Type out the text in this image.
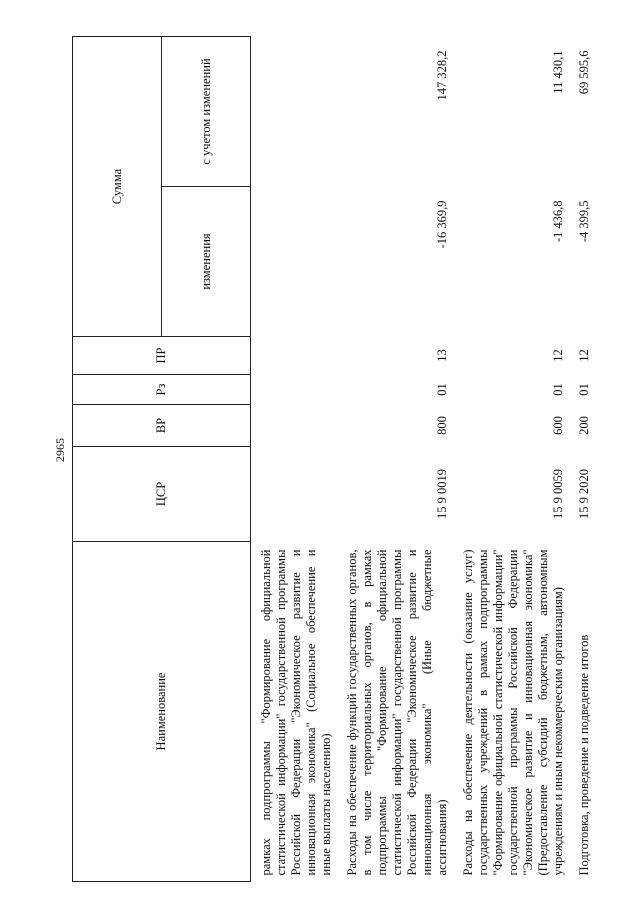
2965
Наименование	ЦСР	ВР	Рз	ПР	Сумма	
					изменения	с учетом изменений
рамках подпрограммы "Формирование официальной статистической информации" государственной программы Российской Федерации "Экономическое развитие и инновационная экономика" (Социальное обеспечение и иные выплаты населению)						
Расходы на обеспечение функций государственных органов, в том числе территориальных органов, в рамках подпрограммы "Формирование официальной статистической информации" государственной программы Российской Федерации "Экономическое развитие и инновационная экономика" (Иные бюджетные ассигнования)	15 9 0019	800	01	13	-16 369,9	147 328,2
Расходы на обеспечение деятельности (оказание услуг) государственных учреждений в рамках подпрограммы "Формирование официальной статистической информации" государственной программы Российской Федерации "Экономическое развитие и инновационная экономика" (Предоставление субсидий бюджетным, автономным учреждениям и иным некоммерческим организациям)	15 9 0059	600	01	12	-1 436,8	11 430,1
Подготовка, проведение и подведение итогов	15 9 2020	200	01	12	-4 399,5	69 595,6
